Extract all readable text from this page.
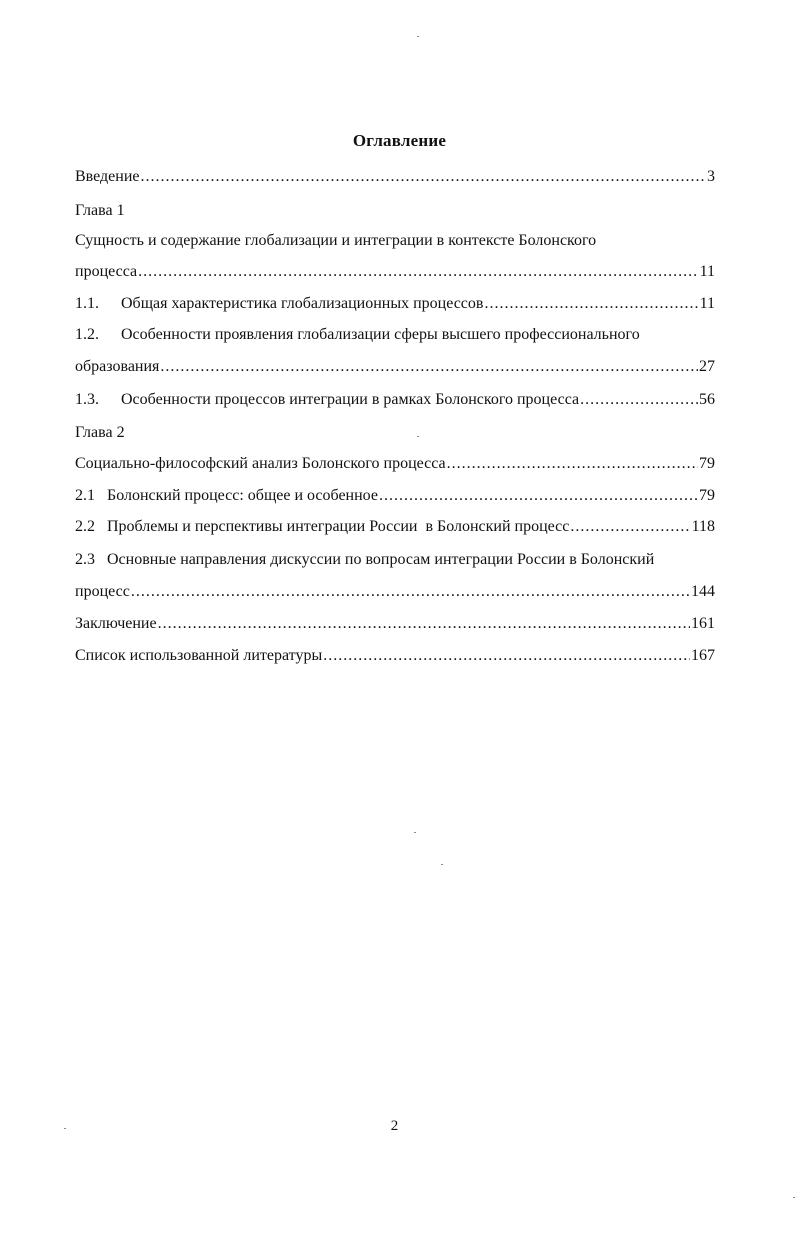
Оглавление
Введение .....	3
Глава 1
Сущность и содержание глобализации и интеграции в контексте Болонского
процесса .....	11
1.1.	Общая характеристика глобализационных процессов .....	11
1.2.	Особенности проявления глобализации сферы высшего профессионального
образования .....	27
1.3.	Особенности процессов интеграции в рамках Болонского процесса .....	56
Глава 2
Социально-философский анализ Болонского процесса .....	79
2.1 Болонский процесс: общее и особенное .....	79
2.2 Проблемы и перспективы интеграции России  в Болонский процесс .....	118
2.3 Основные направления дискуссии по вопросам интеграции России в Болонский
процесс .....	144
Заключение .....	161
Список использованной литературы .....	167
2
